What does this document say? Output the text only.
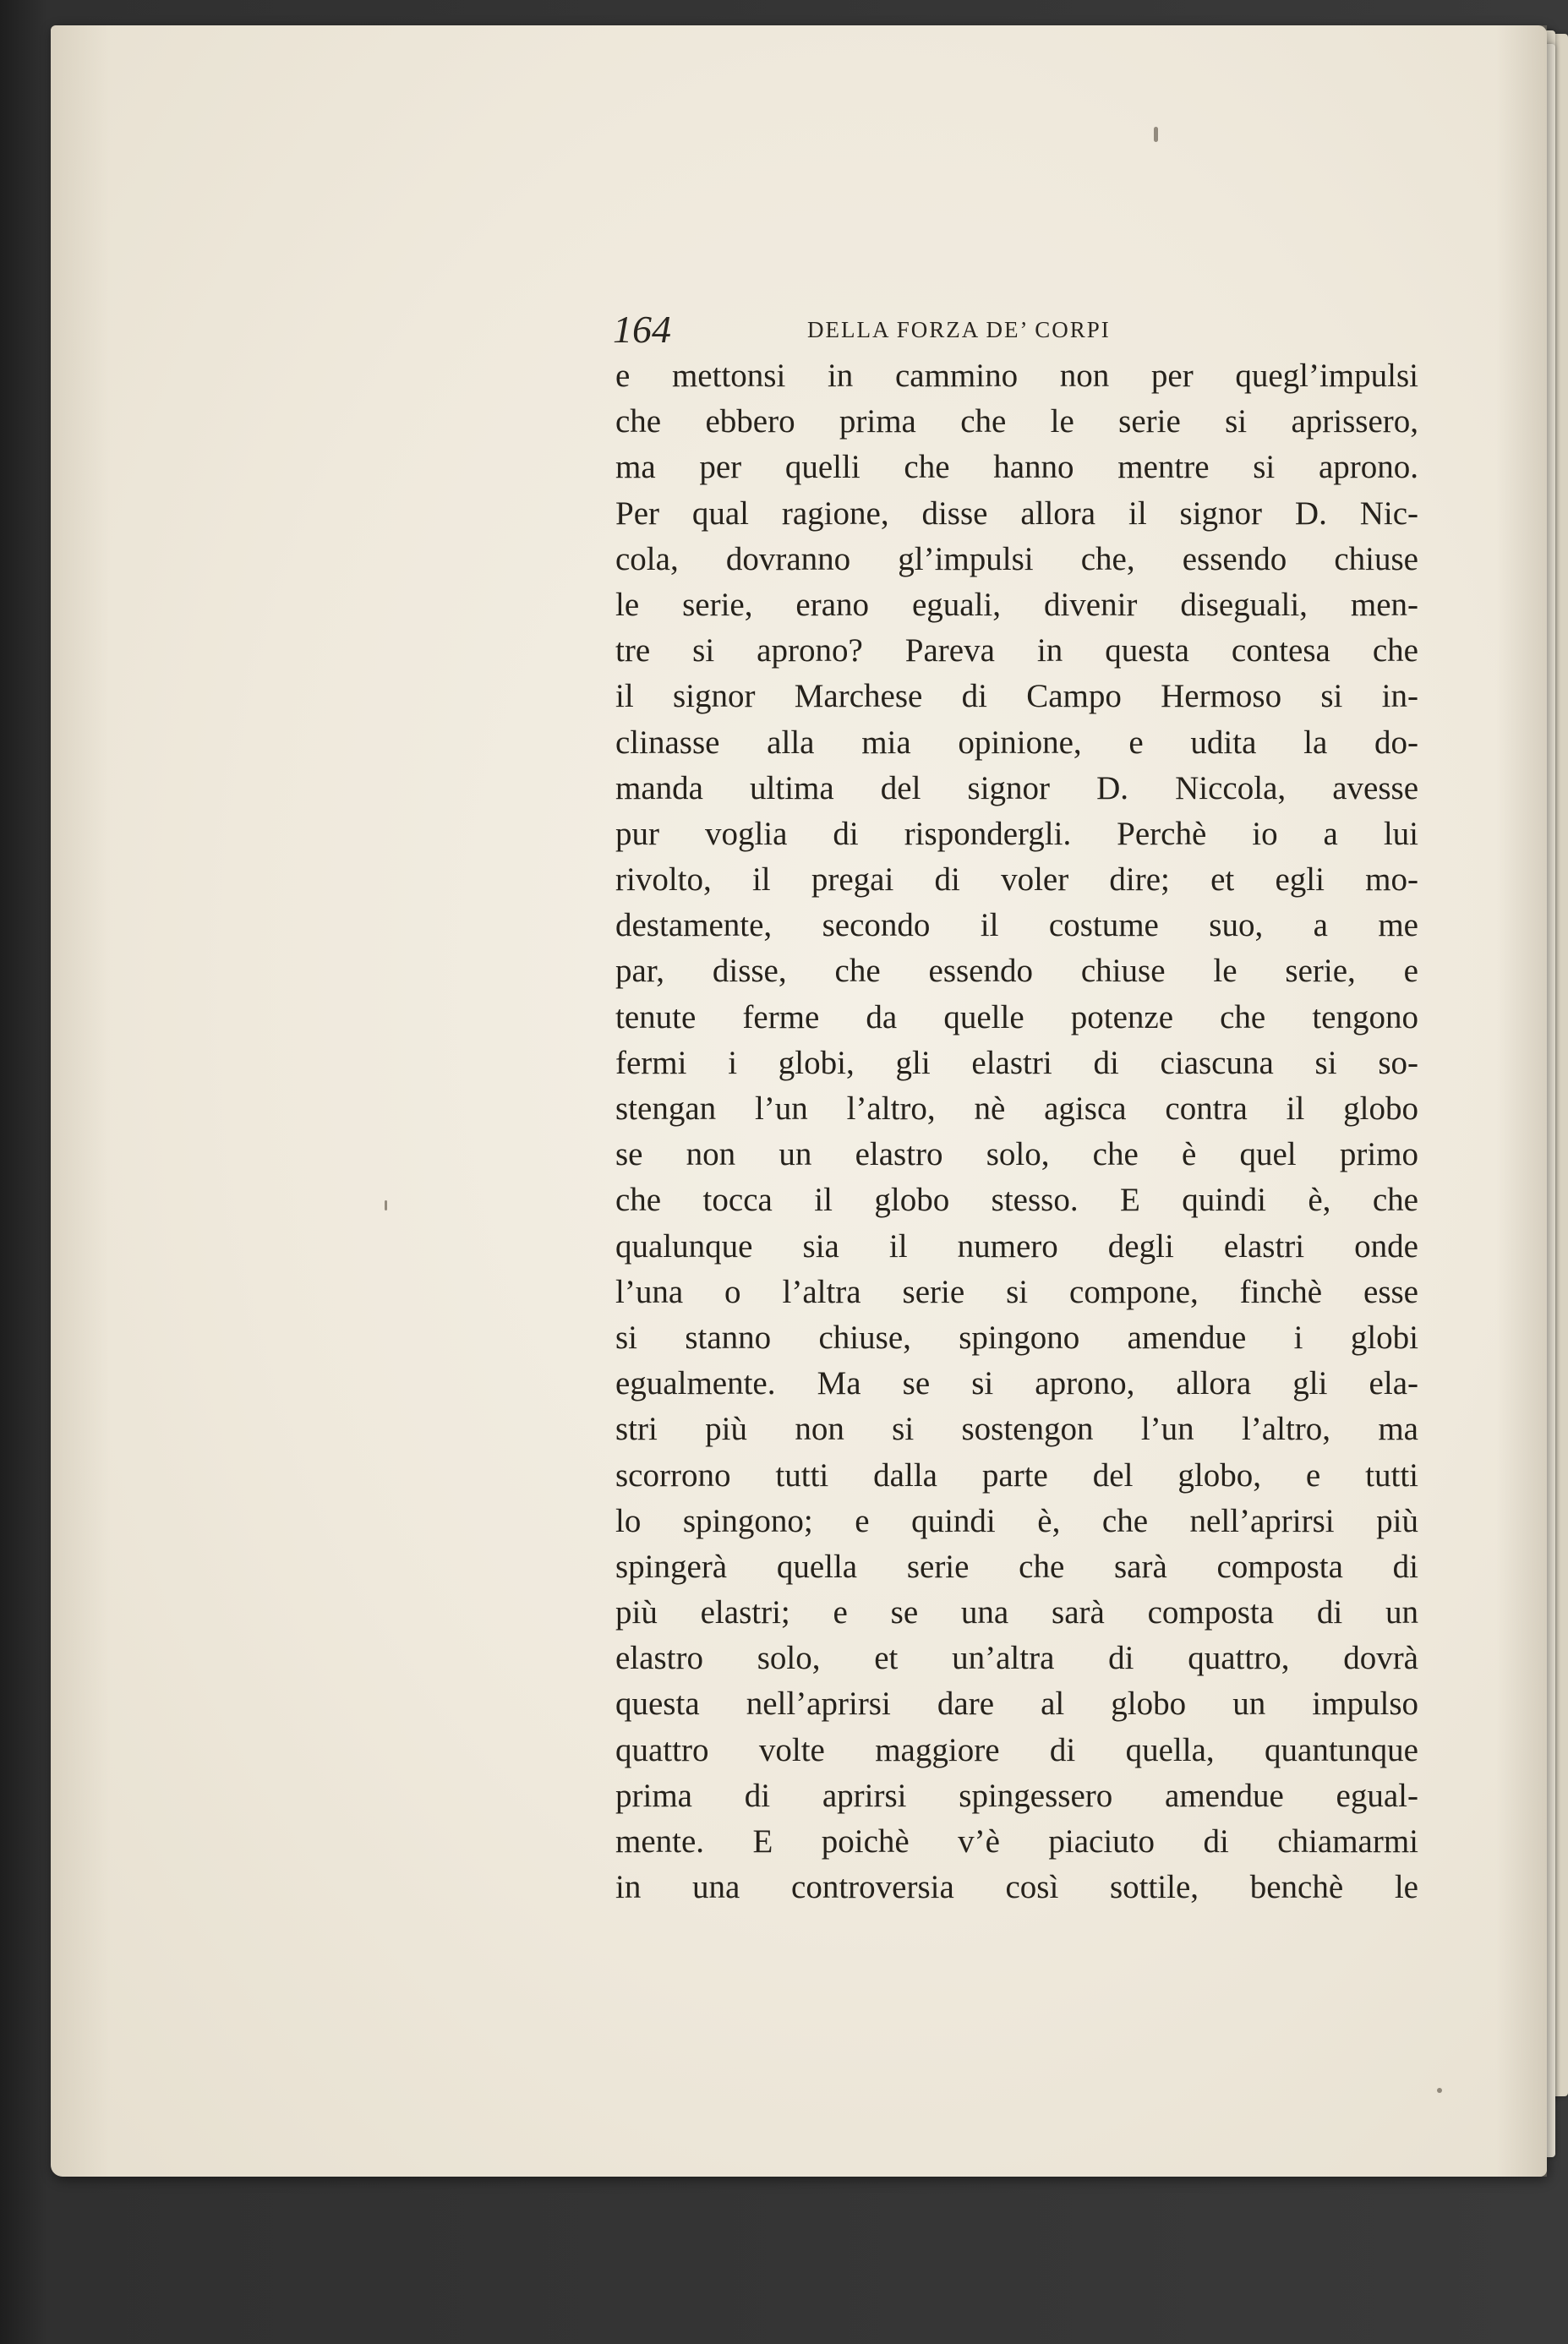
164	DELLA FORZA DE’ CORPI
e mettonsi in cammino non per quegl’impulsi
che ebbero prima che le serie si aprissero,
ma per quelli che hanno mentre si aprono.
Per qual ragione, disse allora il signor D. Nic-
cola, dovranno gl’impulsi che, essendo chiuse
le serie, erano eguali, divenir diseguali, men-
tre si aprono? Pareva in questa contesa che
il signor Marchese di Campo Hermoso si in-
clinasse alla mia opinione, e udita la do-
manda ultima del signor D. Niccola, avesse
pur voglia di rispondergli. Perchè io a lui
rivolto, il pregai di voler dire; et egli mo-
destamente, secondo il costume suo, a me
par, disse, che essendo chiuse le serie, e
tenute ferme da quelle potenze che tengono
fermi i globi, gli elastri di ciascuna si so-
stengan l’un l’altro, nè agisca contra il globo
se non un elastro solo, che è quel primo
che tocca il globo stesso. E quindi è, che
qualunque sia il numero degli elastri onde
l’una o l’altra serie si compone, finchè esse
si stanno chiuse, spingono amendue i globi
egualmente. Ma se si aprono, allora gli ela-
stri più non si sostengon l’un l’altro, ma
scorrono tutti dalla parte del globo, e tutti
lo spingono; e quindi è, che nell’aprirsi più
spingerà quella serie che sarà composta di
più elastri; e se una sarà composta di un
elastro solo, et un’altra di quattro, dovrà
questa nell’aprirsi dare al globo un impulso
quattro volte maggiore di quella, quantunque
prima di aprirsi spingessero amendue egual-
mente. E poichè v’è piaciuto di chiamarmi
in una controversia così sottile, benchè le
